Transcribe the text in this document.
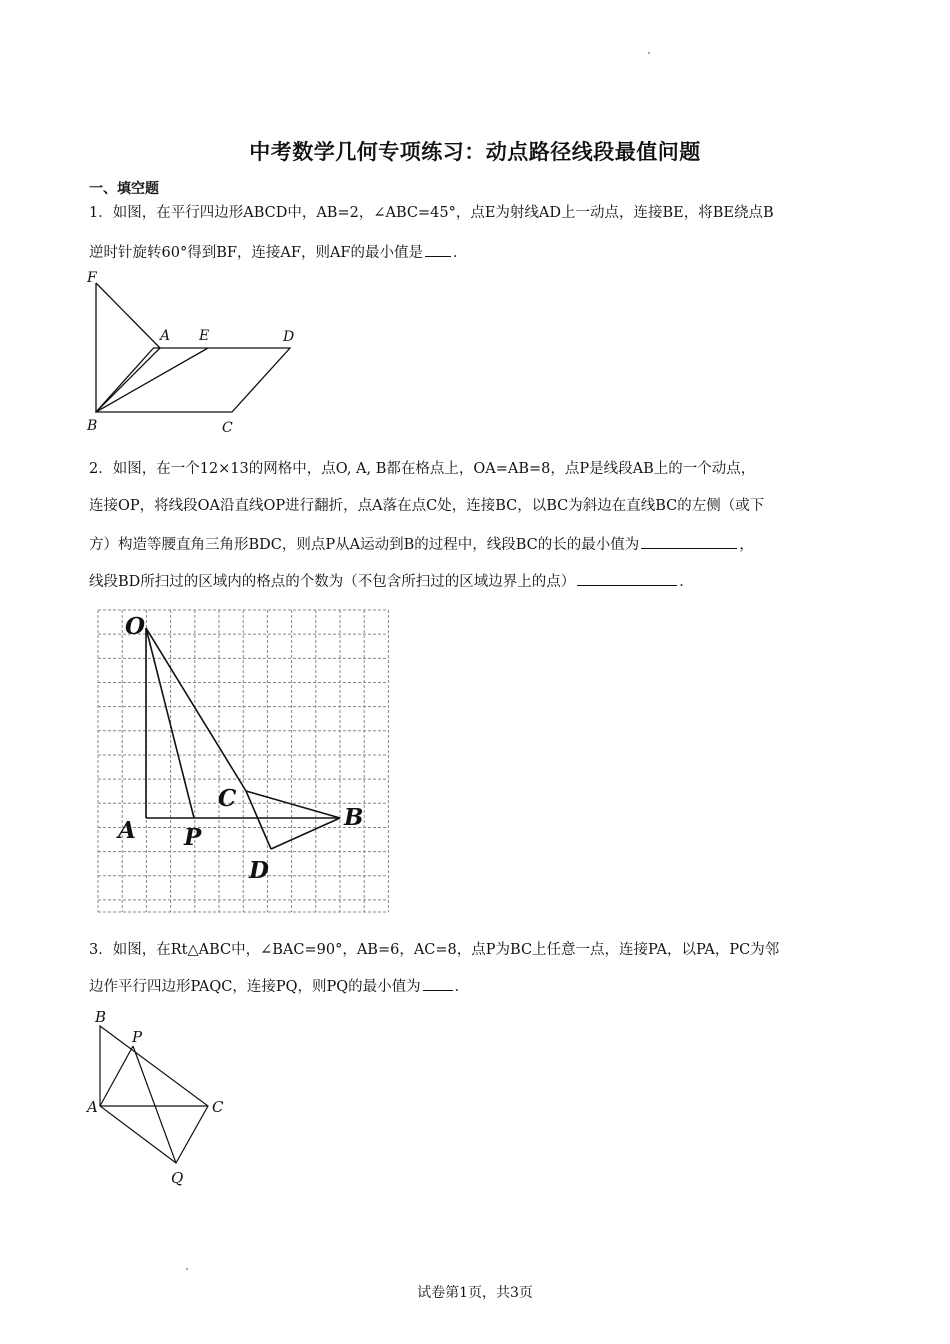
中考数学几何专项练习：动点路径线段最值问题
一、填空题
1．如图，在平行四边形ABCD中，AB=2，∠ABC=45°，点E为射线AD上一动点，连接BE，将BE绕点B
逆时针旋转60°得到BF，连接AF，则AF的最小值是 ．
F
A E	D
B	C
2．如图，在一个12×13的网格中，点O, A, B都在格点上，OA=AB=8，点P是线段AB上的一个动点，
连接OP，将线段OA沿直线OP进行翻折，点A落在点C处，连接BC，以BC为斜边在直线BC的左侧（或下
方）构造等腰直角三角形BDC，则点P从A运动到B的过程中，线段BC的长的最小值为	，
线段BD所扫过的区域内的格点的个数为（不包含所扫过的区域边界上的点）	．
O
A P
C
B
D
3．如图，在Rt△ABC中，∠BAC=90°，AB=6，AC=8，点P为BC上任意一点，连接PA，以PA，PC为邻
边作平行四边形PAQC，连接PQ，则PQ的最小值为 ．
B
P
A	C
Q
试卷第1页，共3页
